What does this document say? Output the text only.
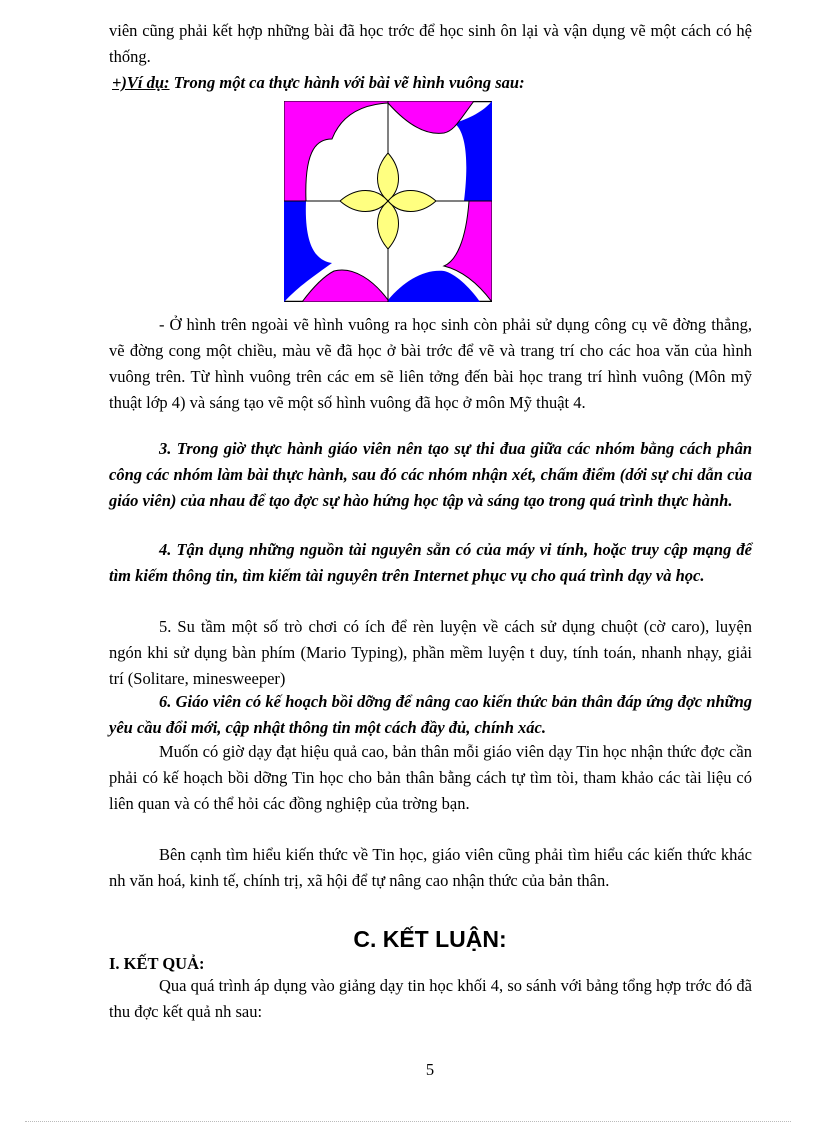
viên cũng phải kết hợp những bài đã học trớc để học sinh ôn lại và vận dụng vẽ một cách có hệ thống.

+)Ví dụ: Trong một ca thực hành với bài vẽ hình vuông sau:

- Ở hình trên ngoài vẽ hình vuông ra học sinh còn phải sử dụng công cụ vẽ đờng thẳng, vẽ đờng cong một chiều, màu vẽ đã học ở bài trớc để vẽ và trang trí cho các hoa văn của hình vuông trên. Từ hình vuông trên các em sẽ liên tởng đến bài học trang trí hình vuông (Môn mỹ thuật lớp 4) và sáng tạo vẽ một số hình vuông đã học ở môn Mỹ thuật 4.

3. Trong giờ thực hành giáo viên nên tạo sự thi đua giữa các nhóm bằng cách phân công các nhóm làm bài thực hành, sau đó các nhóm nhận xét, chấm điểm (dới sự chỉ dẫn của giáo viên) của nhau để tạo đợc sự hào hứng học tập và sáng tạo trong quá trình thực hành.

4. Tận dụng những nguồn tài nguyên sẵn có của máy vi tính, hoặc truy cập mạng để tìm kiếm thông tin, tìm kiếm tài nguyên trên Internet phục vụ cho quá trình dạy và học.

5. Su tầm một số trò chơi có ích để rèn luyện về cách sử dụng chuột (cờ caro), luyện ngón khi sử dụng bàn phím (Mario Typing), phần mềm luyện t duy, tính toán, nhanh nhạy, giải trí (Solitare, minesweeper)

6. Giáo viên có kế hoạch bồi dỡng để nâng cao kiến thức bản thân đáp ứng đợc những yêu cầu đổi mới, cập nhật thông tin một cách đầy đủ, chính xác.

Muốn có giờ dạy đạt hiệu quả cao, bản thân mỗi giáo viên dạy Tin học nhận thức đợc cần phải có kế hoạch bồi dỡng Tin học cho bản thân bằng cách tự tìm tòi, tham khảo các tài liệu có liên quan và có thể hỏi các đồng nghiệp của trờng bạn.

Bên cạnh tìm hiểu kiến thức về Tin học, giáo viên cũng phải tìm hiểu các kiến thức khác nh văn hoá, kinh tế, chính trị, xã hội để tự nâng cao nhận thức của bản thân.

C. KẾT LUẬN:
I. KẾT QUẢ:

Qua quá trình áp dụng vào giảng dạy tin học khối 4, so sánh với bảng tổng hợp trớc đó đã thu đợc kết quả nh sau:

5
